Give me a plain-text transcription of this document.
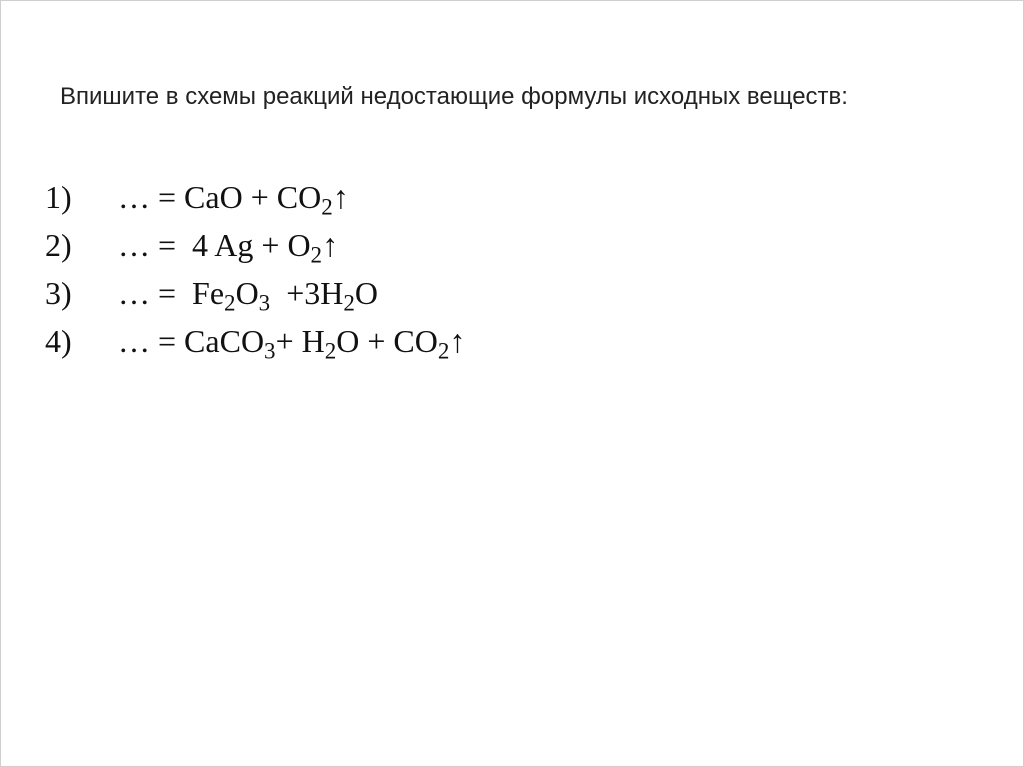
Впишите в схемы реакций недостающие формулы исходных веществ:
1)	… = CaO + $CO_2↑$
2)	… =  4 $Ag + O_2↑$
3)	… =  $Fe_2O_3 +3H_2O$
4)	… = CaCO$_3$+ $H_2O$ + $CO_2↑$
